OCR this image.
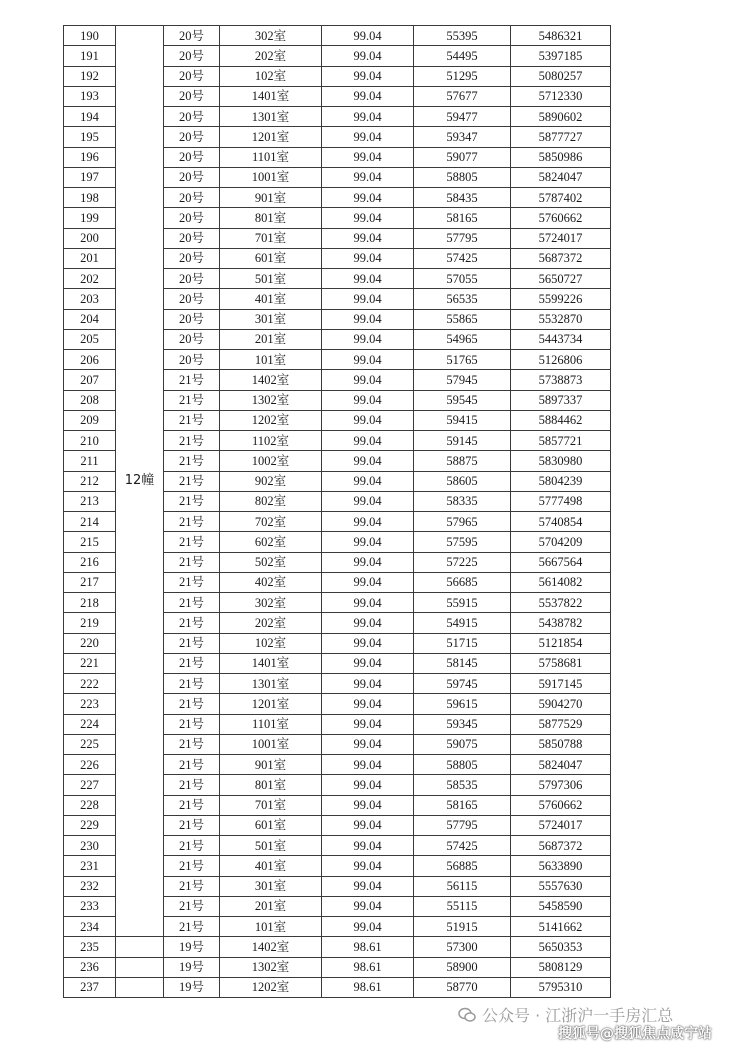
190	12幢	20号	302室	99.04	55395	5486321
191		20号	202室	99.04	54495	5397185
192		20号	102室	99.04	51295	5080257
193		20号	1401室	99.04	57677	5712330
194		20号	1301室	99.04	59477	5890602
195		20号	1201室	99.04	59347	5877727
196		20号	1101室	99.04	59077	5850986
197		20号	1001室	99.04	58805	5824047
198		20号	901室	99.04	58435	5787402
199		20号	801室	99.04	58165	5760662
200		20号	701室	99.04	57795	5724017
201		20号	601室	99.04	57425	5687372
202		20号	501室	99.04	57055	5650727
203		20号	401室	99.04	56535	5599226
204		20号	301室	99.04	55865	5532870
205		20号	201室	99.04	54965	5443734
206		20号	101室	99.04	51765	5126806
207		21号	1402室	99.04	57945	5738873
208		21号	1302室	99.04	59545	5897337
209		21号	1202室	99.04	59415	5884462
210		21号	1102室	99.04	59145	5857721
211		21号	1002室	99.04	58875	5830980
212		21号	902室	99.04	58605	5804239
213		21号	802室	99.04	58335	5777498
214		21号	702室	99.04	57965	5740854
215		21号	602室	99.04	57595	5704209
216		21号	502室	99.04	57225	5667564
217		21号	402室	99.04	56685	5614082
218		21号	302室	99.04	55915	5537822
219		21号	202室	99.04	54915	5438782
220		21号	102室	99.04	51715	5121854
221		21号	1401室	99.04	58145	5758681
222		21号	1301室	99.04	59745	5917145
223		21号	1201室	99.04	59615	5904270
224		21号	1101室	99.04	59345	5877529
225		21号	1001室	99.04	59075	5850788
226		21号	901室	99.04	58805	5824047
227		21号	801室	99.04	58535	5797306
228		21号	701室	99.04	58165	5760662
229		21号	601室	99.04	57795	5724017
230		21号	501室	99.04	57425	5687372
231		21号	401室	99.04	56885	5633890
232		21号	301室	99.04	56115	5557630
233		21号	201室	99.04	55115	5458590
234		21号	101室	99.04	51915	5141662
235		19号	1402室	98.61	57300	5650353
236		19号	1302室	98.61	58900	5808129
237		19号	1202室	98.61	58770	5795310
公众号 · 江浙沪一手房汇总
搜狐号@搜狐焦点咸宁站
